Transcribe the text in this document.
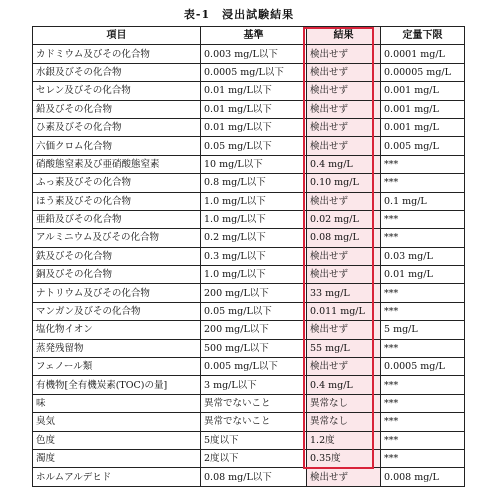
表-1　浸出試験結果
項目	基準	結果	定量下限
カドミウム及びその化合物	0.003 mg/L以下	検出せず	0.0001 mg/L
水銀及びその化合物	0.0005 mg/L以下	検出せず	0.00005 mg/L
セレン及びその化合物	0.01 mg/L以下	検出せず	0.001 mg/L
鉛及びその化合物	0.01 mg/L以下	検出せず	0.001 mg/L
ひ素及びその化合物	0.01 mg/L以下	検出せず	0.001 mg/L
六価クロム化合物	0.05 mg/L以下	検出せず	0.005 mg/L
硝酸態窒素及び亜硝酸態窒素	10 mg/L以下	0.4 mg/L	***
ふっ素及びその化合物	0.8 mg/L以下	0.10 mg/L	***
ほう素及びその化合物	1.0 mg/L以下	検出せず	0.1 mg/L
亜鉛及びその化合物	1.0 mg/L以下	0.02 mg/L	***
アルミニウム及びその化合物	0.2 mg/L以下	0.08 mg/L	***
鉄及びその化合物	0.3 mg/L以下	検出せず	0.03 mg/L
銅及びその化合物	1.0 mg/L以下	検出せず	0.01 mg/L
ナトリウム及びその化合物	200 mg/L以下	33 mg/L	***
マンガン及びその化合物	0.05 mg/L以下	0.011 mg/L	***
塩化物イオン	200 mg/L以下	検出せず	5 mg/L
蒸発残留物	500 mg/L以下	55 mg/L	***
フェノール類	0.005 mg/L以下	検出せず	0.0005 mg/L
有機物[全有機炭素(TOC)の量]	3 mg/L以下	0.4 mg/L	***
味	異常でないこと	異常なし	***
臭気	異常でないこと	異常なし	***
色度	5度以下	1.2度	***
濁度	2度以下	0.35度	***
ホルムアルデヒド	0.08 mg/L以下	検出せず	0.008 mg/L
